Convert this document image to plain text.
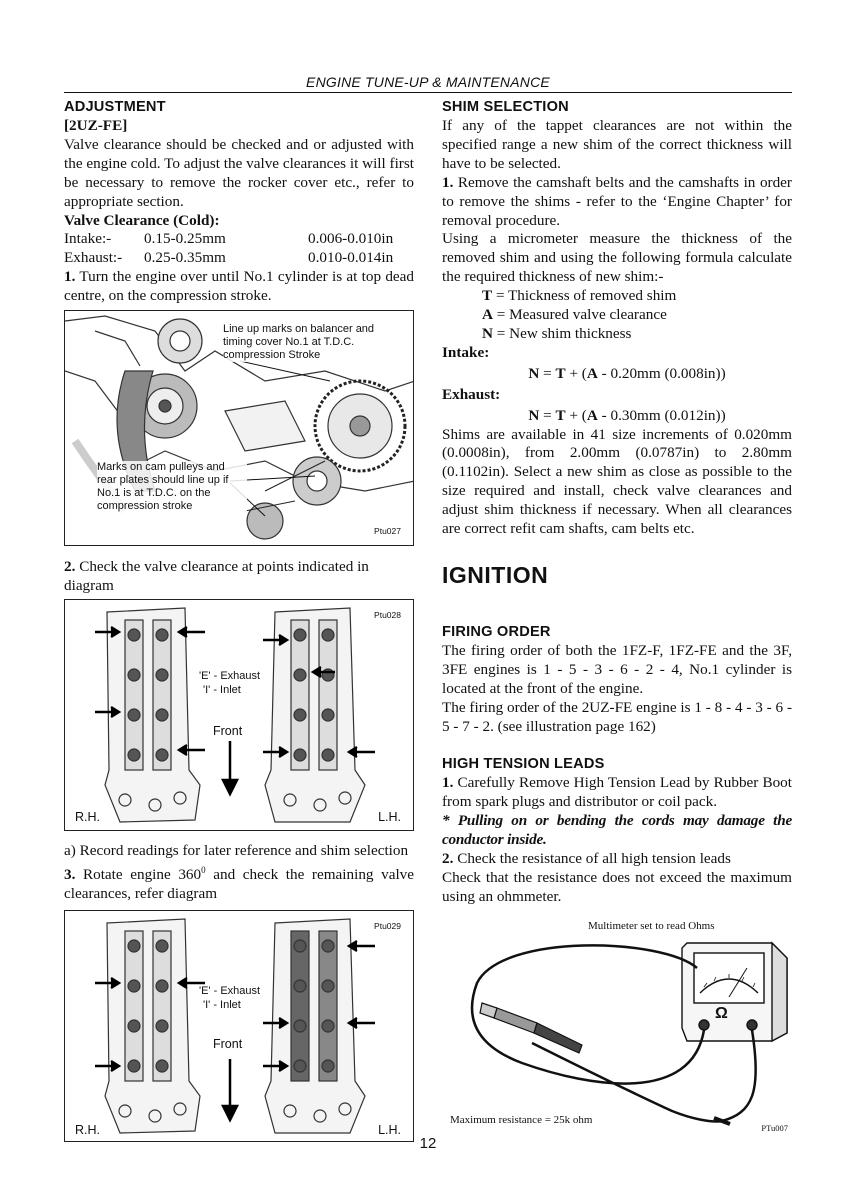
ENGINE TUNE-UP & MAINTENANCE
ADJUSTMENT
[2UZ-FE]

Valve clearance should be checked and or adjusted with the engine cold. To adjust the valve clearances it will first be necessary to remove the rocker cover etc., refer to appropriate section.

Valve Clearance (Cold):
Intake:-	0.15-0.25mm	0.006-0.010in
Exhaust:-	0.25-0.35mm	0.010-0.014in

1. Turn the engine over until No.1 cylinder is at top dead centre, on the compression stroke.

Line up marks on balancer and timing cover No.1 at T.D.C. compression Stroke
Marks on cam pulleys and rear plates should line up if No.1 is at T.D.C. on the compression stroke
Ptu027

2. Check the valve clearance at points indicated in diagram

Ptu028
'E' - Exhaust
'I' - Inlet
Front
R.H.	L.H.

a) Record readings for later reference and shim selection

3. Rotate engine $360^0$ and check the remaining valve clearances, refer diagram

Ptu029
'E' - Exhaust
'I' - Inlet
Front
R.H.	L.H.
SHIM SELECTION

If any of the tappet clearances are not within the specified range a new shim of the correct thickness will have to be selected.

1. Remove the camshaft belts and the camshafts in order to remove the shims - refer to the ‘Engine Chapter’ for removal procedure.

Using a micrometer measure the thickness of the removed shim and using the following formula calculate the required thickness of new shim:-

T = Thickness of removed shim
A = Measured valve clearance
N = New shim thickness
Intake:
N = T + (A - 0.20mm (0.008in))
Exhaust:
N = T + (A - 0.30mm (0.012in))

Shims are available in 41 size increments of 0.020mm (0.0008in), from 2.00mm (0.0787in) to 2.80mm (0.1102in). Select a new shim as close as possible to the size required and install, check valve clearances and adjust shim thickness if necessary. When all clearances are correct refit cam shafts, cam belts etc.

IGNITION
FIRING ORDER

The firing order of both the 1FZ-F, 1FZ-FE and the 3F, 3FE engines is 1 - 5 - 3 - 6 - 2 - 4, No.1 cylinder is located at the front of the engine.

The firing order of the 2UZ-FE engine is 1 - 8 - 4 - 3 - 6 - 5 - 7 - 2. (see illustration page 162)

HIGH TENSION LEADS

1. Carefully Remove High Tension Lead by Rubber Boot from spark plugs and distributor or coil pack.

* Pulling on or bending the cords may damage the conductor inside.

2. Check the resistance of all high tension leads

Check that the resistance does not exceed the maximum using an ohmmeter.

Multimeter set to read Ohms
Ω
Maximum resistance = 25k ohm
PTu007
12
